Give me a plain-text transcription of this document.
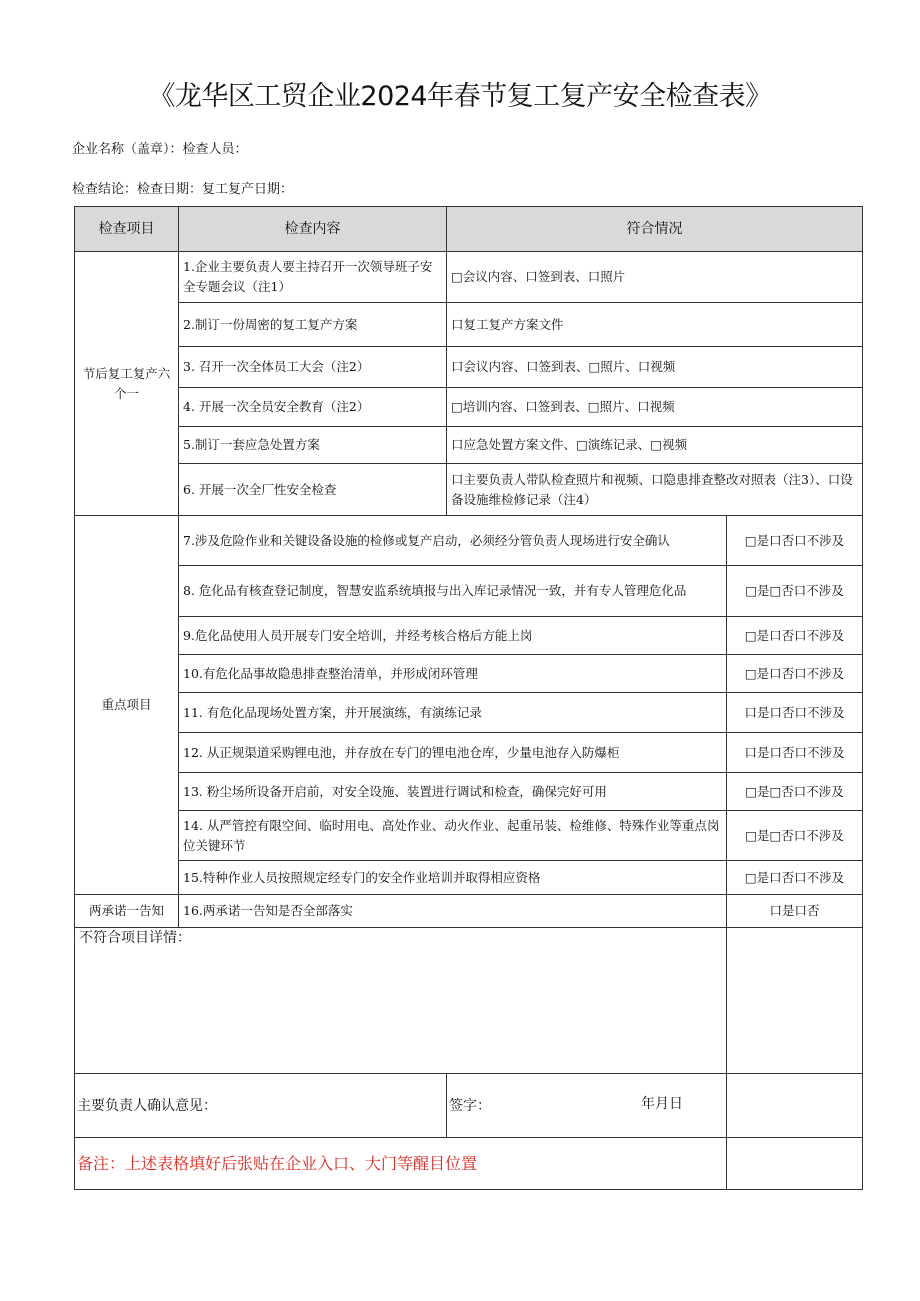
《龙华区工贸企业2024年春节复工复产安全检查表》
企业名称（盖章）：检查人员：
检查结论：检查日期：复工复产日期：
检查项目	检查内容	符合情况	
节后复工复产六个一	1.企业主要负责人要主持召开一次领导班子安全专题会议（注1）	□会议内容、口签到表、口照片	
	2.制订一份周密的复工复产方案	口复工复产方案文件	
	3. 召开一次全体员工大会（注2）	口会议内容、口签到表、□照片、口视频	
	4. 开展一次全员安全教育（注2）	□培训内容、口签到表、□照片、口视频	
	5.制订一套应急处置方案	口应急处置方案文件、□演练记录、□视频	
	6. 开展一次全厂性安全检查	口主要负责人带队检查照片和视频、口隐患排查整改对照表（注3）、口设备设施维检修记录（注4）	
重点项目	7.涉及危险作业和关键设备设施的检修或复产启动，必须经分管负责人现场进行安全确认		□是口否口不涉及
	8. 危化品有核查登记制度，智慧安监系统填报与出入库记录情况一致，并有专人管理危化品		□是□否口不涉及
	9.危化品使用人员开展专门安全培训，并经考核合格后方能上岗		□是口否口不涉及
	10.有危化品事故隐患排查整治清单，并形成闭环管理		□是口否口不涉及
	11. 有危化品现场处置方案，并开展演练，有演练记录		口是口否口不涉及
	12. 从正规渠道采购锂电池，并存放在专门的锂电池仓库，少量电池存入防爆柜		口是口否口不涉及
	13. 粉尘场所设备开启前，对安全设施、装置进行调试和检查，确保完好可用		□是□否口不涉及
	14. 从严管控有限空间、临时用电、高处作业、动火作业、起重吊装、检维修、特殊作业等重点岗位关键环节		□是□否口不涉及
	15.特种作业人员按照规定经专门的安全作业培训并取得相应资格		□是口否口不涉及
两承诺一告知	16.两承诺一告知是否全部落实		口是口否
不符合项目详情：			
主要负责人确认意见：		签字： 年月日	

备注：上述表格填好后张贴在企业入口、大门等醒目位置			
